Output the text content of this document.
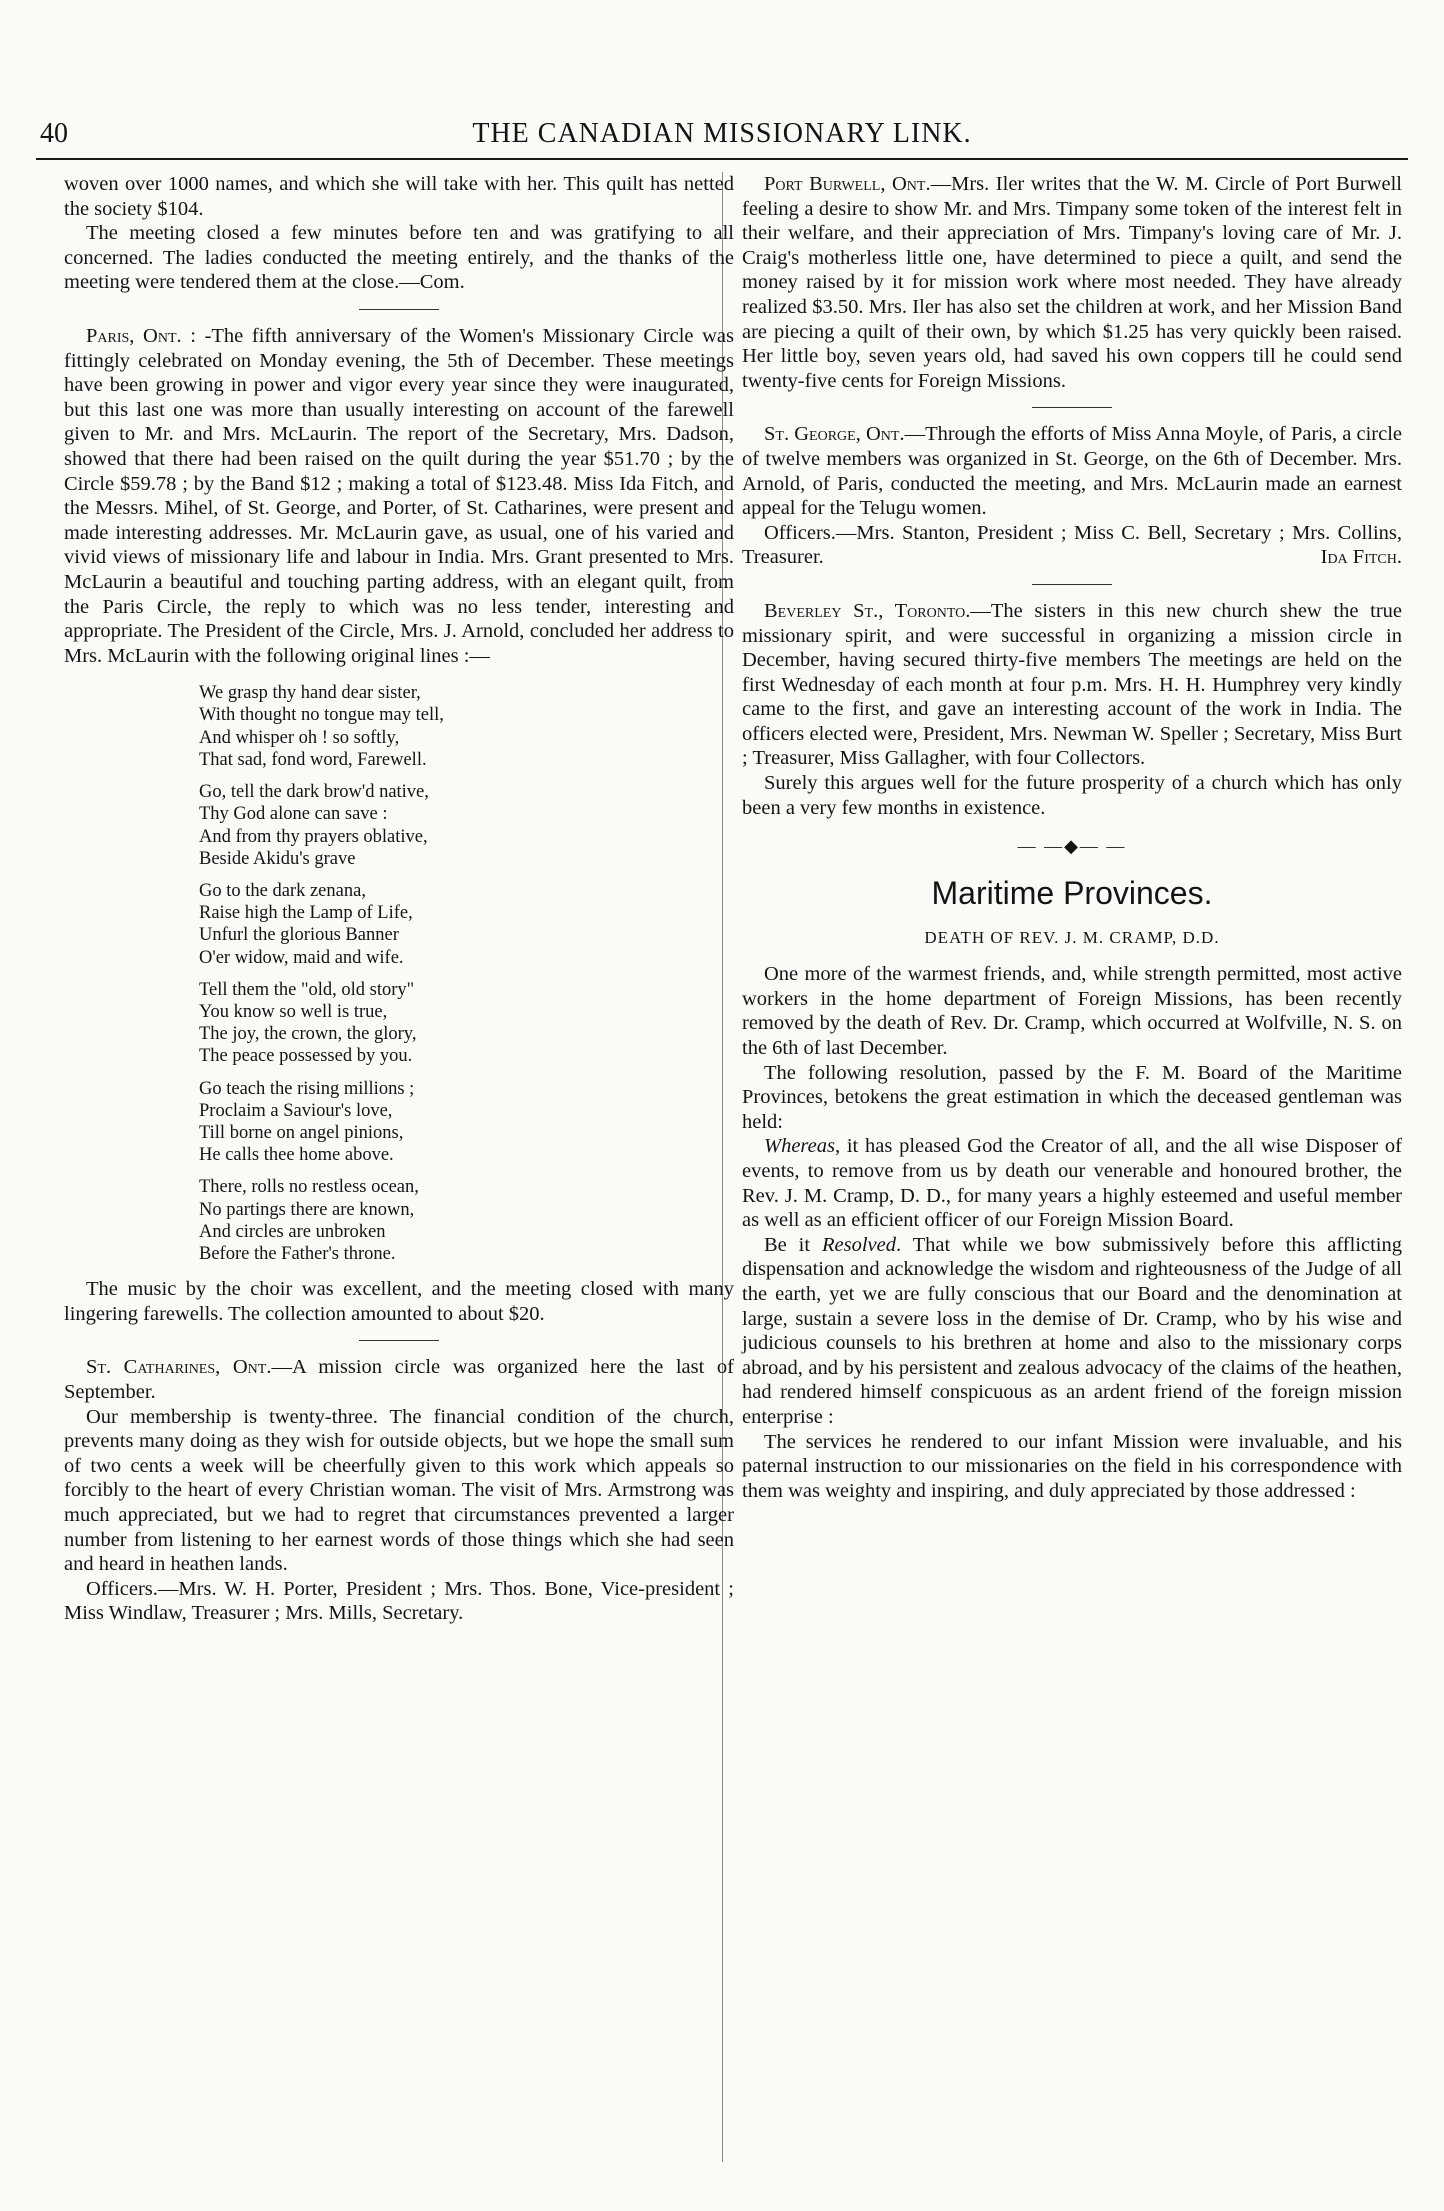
40	THE CANADIAN MISSIONARY LINK.

woven over 1000 names, and which she will take with her. This quilt has netted the society $104.

The meeting closed a few minutes before ten and was gratifying to all concerned. The ladies conducted the meeting entirely, and the thanks of the meeting were tendered them at the close.—Com.

Paris, Ont. : -The fifth anniversary of the Women's Missionary Circle was fittingly celebrated on Monday evening, the 5th of December. These meetings have been growing in power and vigor every year since they were inaugurated, but this last one was more than usually interesting on account of the farewell given to Mr. and Mrs. McLaurin. The report of the Secretary, Mrs. Dadson, showed that there had been raised on the quilt during the year $51.70 ; by the Circle $59.78 ; by the Band $12 ; making a total of $123.48. Miss Ida Fitch, and the Messrs. Mihel, of St. George, and Porter, of St. Catharines, were present and made interesting addresses. Mr. McLaurin gave, as usual, one of his varied and vivid views of missionary life and labour in India. Mrs. Grant presented to Mrs. McLaurin a beautiful and touching parting address, with an elegant quilt, from the Paris Circle, the reply to which was no less tender, interesting and appropriate. The President of the Circle, Mrs. J. Arnold, concluded her address to Mrs. McLaurin with the following original lines :—

We grasp thy hand dear sister,
With thought no tongue may tell,
And whisper oh ! so softly,
That sad, fond word, Farewell.
Go, tell the dark brow'd native,
Thy God alone can save :
And from thy prayers oblative,
Beside Akidu's grave
Go to the dark zenana,
Raise high the Lamp of Life,
Unfurl the glorious Banner
O'er widow, maid and wife.
Tell them the "old, old story"
You know so well is true,
The joy, the crown, the glory,
The peace possessed by you.
Go teach the rising millions ;
Proclaim a Saviour's love,
Till borne on angel pinions,
He calls thee home above.
There, rolls no restless ocean,
No partings there are known,
And circles are unbroken
Before the Father's throne.

The music by the choir was excellent, and the meeting closed with many lingering farewells. The collection amounted to about $20.

St. Catharines, Ont.—A mission circle was organized here the last of September.

Our membership is twenty-three. The financial condition of the church, prevents many doing as they wish for outside objects, but we hope the small sum of two cents a week will be cheerfully given to this work which appeals so forcibly to the heart of every Christian woman. The visit of Mrs. Armstrong was much appreciated, but we had to regret that circumstances prevented a larger number from listening to her earnest words of those things which she had seen and heard in heathen lands.

Officers.—Mrs. W. H. Porter, President ; Mrs. Thos. Bone, Vice-president ; Miss Windlaw, Treasurer ; Mrs. Mills, Secretary.

Port Burwell, Ont.—Mrs. Iler writes that the W. M. Circle of Port Burwell feeling a desire to show Mr. and Mrs. Timpany some token of the interest felt in their welfare, and their appreciation of Mrs. Timpany's loving care of Mr. J. Craig's motherless little one, have determined to piece a quilt, and send the money raised by it for mission work where most needed. They have already realized $3.50. Mrs. Iler has also set the children at work, and her Mission Band are piecing a quilt of their own, by which $1.25 has very quickly been raised. Her little boy, seven years old, had saved his own coppers till he could send twenty-five cents for Foreign Missions.

St. George, Ont.—Through the efforts of Miss Anna Moyle, of Paris, a circle of twelve members was organized in St. George, on the 6th of December. Mrs. Arnold, of Paris, conducted the meeting, and Mrs. McLaurin made an earnest appeal for the Telugu women.

Officers.—Mrs. Stanton, President ; Miss C. Bell, Secretary ; Mrs. Collins, Treasurer.	Ida Fitch.

Beverley St., Toronto.—The sisters in this new church shew the true missionary spirit, and were successful in organizing a mission circle in December, having secured thirty-five members The meetings are held on the first Wednesday of each month at four p.m. Mrs. H. H. Humphrey very kindly came to the first, and gave an interesting account of the work in India. The officers elected were, President, Mrs. Newman W. Speller ; Secretary, Miss Burt ; Treasurer, Miss Gallagher, with four Collectors.

Surely this argues well for the future prosperity of a church which has only been a very few months in existence.

— —◆— —
Maritime Provinces.
DEATH OF REV. J. M. CRAMP, D.D.

One more of the warmest friends, and, while strength permitted, most active workers in the home department of Foreign Missions, has been recently removed by the death of Rev. Dr. Cramp, which occurred at Wolfville, N. S. on the 6th of last December.

The following resolution, passed by the F. M. Board of the Maritime Provinces, betokens the great estimation in which the deceased gentleman was held:

Whereas, it has pleased God the Creator of all, and the all wise Disposer of events, to remove from us by death our venerable and honoured brother, the Rev. J. M. Cramp, D. D., for many years a highly esteemed and useful member as well as an efficient officer of our Foreign Mission Board.

Be it Resolved. That while we bow submissively before this afflicting dispensation and acknowledge the wisdom and righteousness of the Judge of all the earth, yet we are fully conscious that our Board and the denomination at large, sustain a severe loss in the demise of Dr. Cramp, who by his wise and judicious counsels to his brethren at home and also to the missionary corps abroad, and by his persistent and zealous advocacy of the claims of the heathen, had rendered himself conspicuous as an ardent friend of the foreign mission enterprise :

The services he rendered to our infant Mission were invaluable, and his paternal instruction to our missionaries on the field in his correspondence with them was weighty and inspiring, and duly appreciated by those addressed :
